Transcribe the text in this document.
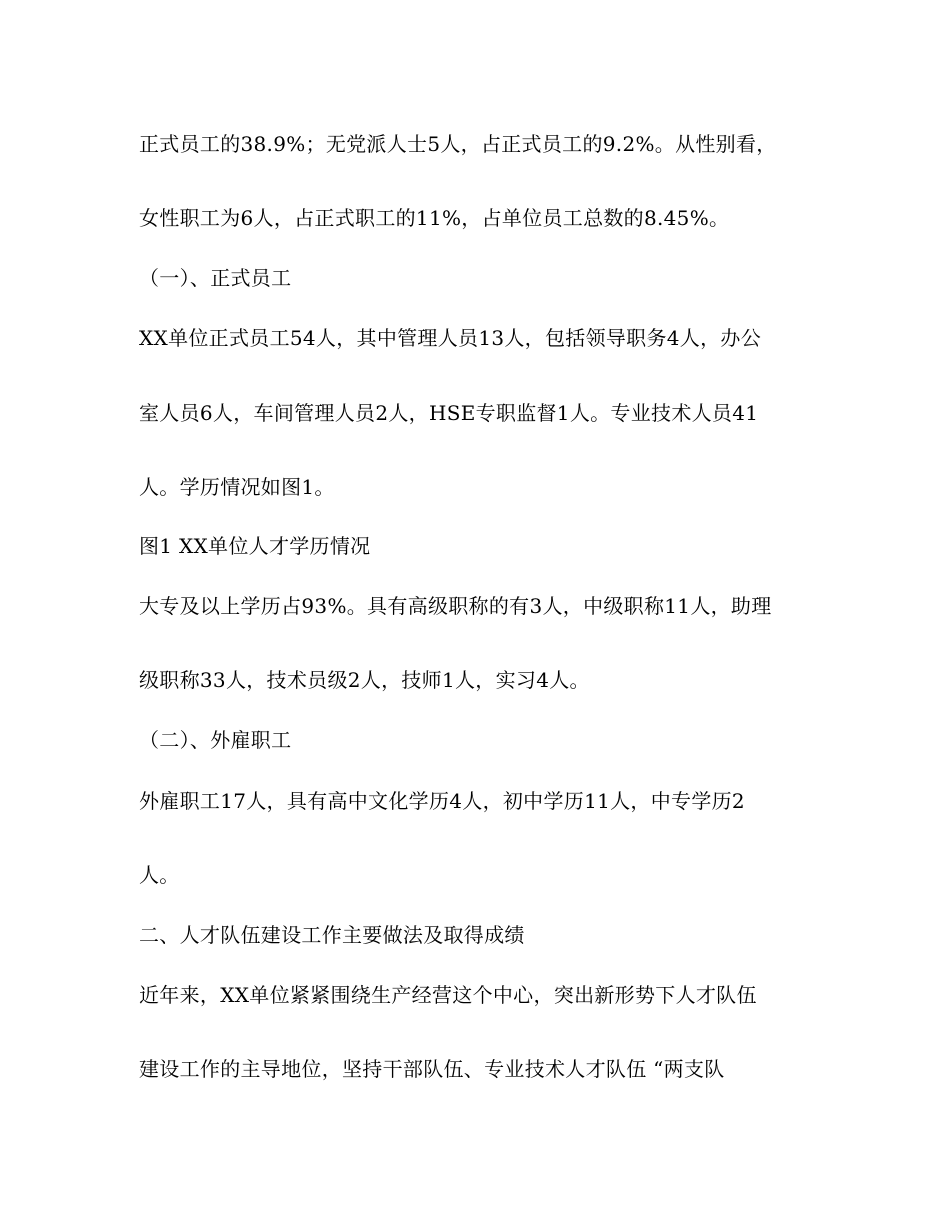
正式员工的38.9%；无党派人士5人，占正式员工的9.2%。从性别看，
女性职工为6人，占正式职工的11%，占单位员工总数的8.45%。
（一）、正式员工
XX单位正式员工54人，其中管理人员13人，包括领导职务4人，办公
室人员6人，车间管理人员2人，HSE专职监督1人。专业技术人员41
人。学历情况如图1。
图1 XX单位人才学历情况
大专及以上学历占93%。具有高级职称的有3人，中级职称11人，助理
级职称33人，技术员级2人，技师1人，实习4人。
（二）、外雇职工
外雇职工17人，具有高中文化学历4人，初中学历11人，中专学历2
人。
二、人才队伍建设工作主要做法及取得成绩
近年来，XX单位紧紧围绕生产经营这个中心，突出新形势下人才队伍
建设工作的主导地位，坚持干部队伍、专业技术人才队伍 “两支队
